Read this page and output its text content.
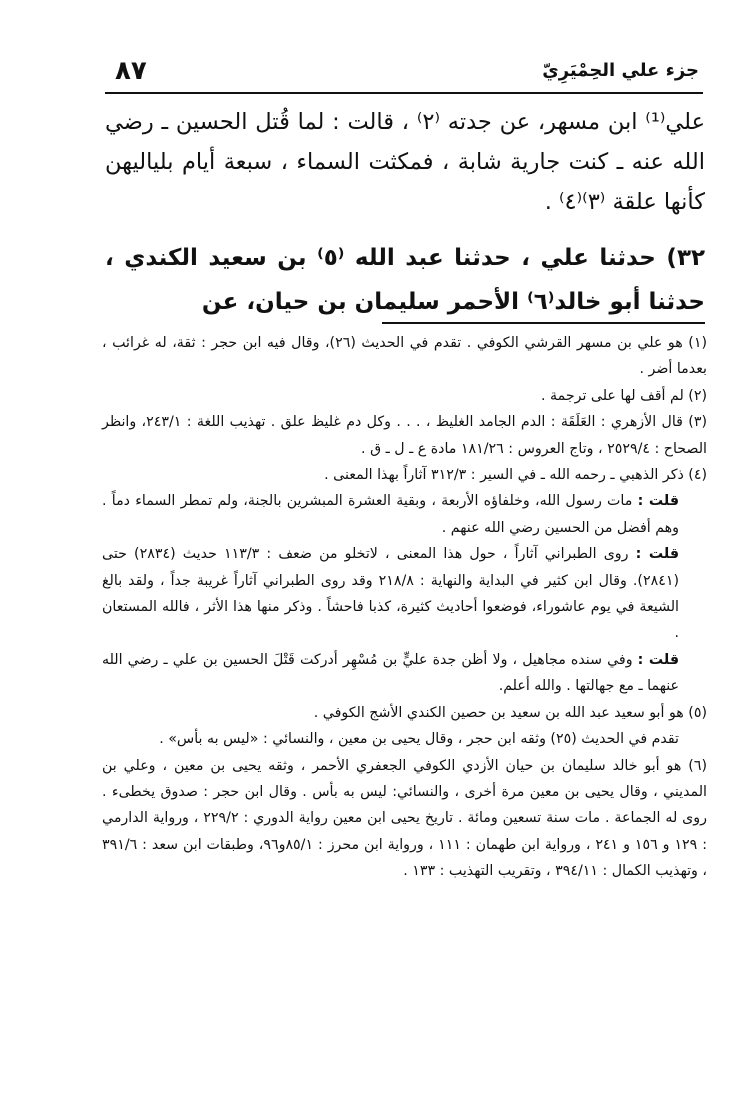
٨٧	جزء علي الحِمْيَرِيّ

علي⁽¹⁾ ابن مسهر، عن جدته ⁽٢⁾ ، قالت : لما قُتل الحسين ـ رضي الله عنه ـ كنت جارية شابة ، فمكثت السماء ، سبعة أيام بلياليهن كأنها علقة ⁽٣⁾⁽٤⁾ .

٣٢) حدثنا علي ، حدثنا عبد الله ⁽٥⁾ بن سعيد الكندي ، حدثنا أبو خالد⁽٦⁾ الأحمر سليمان بن حيان، عن

(١) هو علي بن مسهر القرشي الكوفي . تقدم في الحديث (٢٦)، وقال فيه ابن حجر : ثقة، له غرائب ، بعدما أضر .

(٢) لم أقف لها على ترجمة .

(٣) قال الأزهري : العَلَقَة : الدم الجامد الغليظ ، . . . وكل دم غليظ علق . تهذيب اللغة : ٢٤٣/١، وانظر الصحاح : ٢٥٢٩/٤ ، وتاج العروس : ١٨١/٢٦ مادة ع ـ ل ـ ق .

(٤) ذكر الذهبي ـ رحمه الله ـ في السير : ٣١٢/٣ آثاراً بهذا المعنى .

قلت : مات رسول الله، وخلفاؤه الأربعة ، وبقية العشرة المبشرين بالجنة، ولم تمطر السماء دماً . وهم أفضل من الحسين رضي الله عنهم .

قلت : روى الطبراني آثاراً ، حول هذا المعنى ، لاتخلو من ضعف : ١١٣/٣ حديث (٢٨٣٤) حتى (٢٨٤١). وقال ابن كثير في البداية والنهاية : ٢١٨/٨ وقد روى الطبراني آثاراً غريبة جداً ، ولقد بالغ الشيعة في يوم عاشوراء، فوضعوا أحاديث كثيرة، كذبا فاحشاً . وذكر منها هذا الأثر ، فالله المستعان .

قلت : وفي سنده مجاهيل ، ولا أظن جدة عليٍّ بن مُسْهِر أدركت قَتْلَ الحسين بن علي ـ رضي الله عنهما ـ مع جهالتها . والله أعلم.

(٥) هو أبو سعيد عبد الله بن سعيد بن حصين الكندي الأشج الكوفي .

تقدم في الحديث (٢٥) وثقه ابن حجر ، وقال يحيى بن معين ، والنسائي : «ليس به بأس» .

(٦) هو أبو خالد سليمان بن حيان الأزدي الكوفي الجعفري الأحمر ، وثقه يحيى بن معين ، وعلي بن المديني ، وقال يحيى بن معين مرة أخرى ، والنسائي: ليس به بأس . وقال ابن حجر : صدوق يخطىء . روى له الجماعة . مات سنة تسعين ومائة . تاريخ يحيى ابن معين رواية الدوري : ٢٢٩/٢ ، ورواية الدارمي : ١٢٩ و ١٥٦ و ٢٤١ ، ورواية ابن طهمان : ١١١ ، ورواية ابن محرز : ٨٥/١و٩٦، وطبقات ابن سعد : ٣٩١/٦ ، وتهذيب الكمال : ٣٩٤/١١ ، وتقريب التهذيب : ١٣٣ .
